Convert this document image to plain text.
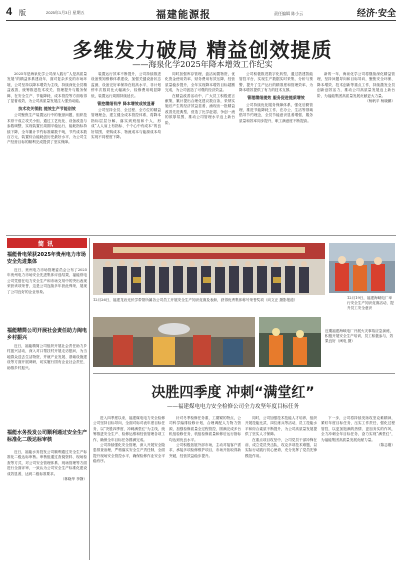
4 版	2025年1月3日 星期五	福建能源报	责任编辑 陈小云	经济·安全
多维发力破局 精益创效提质
——海泉化学2025年降本增效工作纪实

2025年是海泉化学公司深入践行“人是高质量发展”的精益体系建设年，面对复杂多变的市场环境，公司坚持以降本增效为主线，持续深化全员精益改善，统筹推进技术攻关、管理提升与服务保障，在安全生产、节能降耗、成本管控等方面取得了显著成效，为公司高质量发展注入强劲动能。

技术攻关领航 提效生产节能创效

公司聚焦生产装置运行中的瓶颈问题，组织技术骨干成立攻关小组，通过工艺优化、设备改造与参数调整，实现装置长周期平稳运行，能耗指标持续下降，全年累计节约标准煤数千吨，节约成本数百万元，装置综合能耗创历史最好水平，为公司生产经营目标的顺利完成提供了坚实保障。

装置运行效率不断提升，公司持续推进设备预知维修体系建设，加强关键设备状态监测，设备完好率保持在较高水平，非计划停车次数同比大幅减少，检修费用明显降低，装置运行周期持续延长。

管控精细有序 降本增效成效显著

公司坚持全员、全过程、全方位的精益管理理念，建立健全成本管控体系，将降本指标层层分解，落实到班组和个人，形成“人人肩上有指标、个个心中有成本”的良好氛围，采购成本、物流成本与能源成本均实现不同程度下降。

同时加强库存管理，盘活闲置物资，优化资金使用效率，财务费用有效压降，经营质量稳步提升，全年实现降本增效目标超额完成，为公司创造了可观的经济效益。

在精益改善活动中，广大员工积极建言献策，累计提出合理化建议数百条，采纳实施后产生的经济效益显著，涌现出一批精益改善先进典型，营造了比学赶超、争创一流的浓厚氛围，推动公司管理水平迈上新台阶。

公司积极推进数字化转型，通过搭建智能管控平台，实现生产数据实时采集、分析与预警，提升了生产运行的精准度和管理效率，为降本增效提供了有力的技术支撑。

管理精细提效 服务促进提质增效

公司持续优化服务保障体系，强化后勤管理，推进节能降耗工作，在办公、生活等领域倡导节约理念，全员节能意识显著增强，服务质量和效率同步提升，职工满意度不断提高。

新的一年，海泉化学公司将继续深化精益管理，坚持问题导向和目标导向，聚焦安全环保、降本增效、技术创新等重点工作，持续激发全员创新创效活力，推动公司高质量发展迈上新台阶，为福能集团高质量发展贡献更大力量。

（杨帆平 杨晓鹏）

简讯
福能骨电荣获2025年贵州电力市场安全先进集体

近日，贵州电力市场管理委员会公布了2025年贵州电力市场安全先进集体评选结果，福能骨电公司凭借在电力安全生产和市场交易中的突出表现荣获该项荣誉，这是公司连续多年获此殊荣，展现了公司良好的企业形象。

福能精简公司开展社会责任助力闽电乡村振兴

近日，福能精简公司组织开展社会责任助力乡村振兴活动，深入对口帮扶村开展走访慰问，为当地群众送去生活物资，并就产业发展、基础设施建设等方面开展调研，切实履行国有企业社会责任，助推乡村振兴。

福能水务投发公司顺利通过安全生产标准化二级达标审核

近日，福能水务投发公司顺利通过安全生产标准化二级达标审核。审核组通过查阅资料、现场检查等方式，对公司安全管理体系、现场管理等方面进行全面评审，一致认为公司安全生产标准化建设成效显著，达到二级标准要求。

（林晓华 李静）

12月26日，福建龙岩光伏学带领所属各公司员工开展安全生产知识竞赛及表彰，获得优秀集体称号荣誉奖项（向文正 摄影报道）	12月19日，福建海峡电厂举行安全生产知识竞赛活动，提升员工安全意识
近期福建海峡电厂开展火灾事故应急演练，积极开展安全生产培训，员工积极参与，效果良好（闽电 摄）
决胜四季度 冲刺“满堂红”
——福建煤电电力安全检修公司全力攻坚年度目标任务

进入四季度以来，福建煤电电力安全检修公司坚持目标导向，全面对标对表年度目标任务，以“决胜四季度、冲刺满堂红”为主线，统筹推进安全生产、检修运维和经营管理各项工作，确保全年目标任务圆满完成。

公司持续强化安全管理，深入开展安全隐患排查治理，严格落实安全生产责任制，全面提升现场安全管控水平，确保检修作业安全平稳有序。

针对冬季检修任务重、工期紧的特点，公司科学编排检修计划，合理调配人力物力资源，加强检修质量全过程管控，圆满完成多台机组检修任务，机组检修质量和修后运行指标均达到优良水平。

公司积极拓展外部市场，主动对接客户需求，承接多项检修维护项目，市场开拓取得新突破，经营效益稳步提升。

同时，公司加强技术技能人才培养，组织开展技能比武、岗位练兵等活动，员工技能水平和综合素质不断提升，为公司高质量发展提供了坚实人才保障。

在重点项目攻坚中，公司党员干部冲锋在前，成立党员突击队，攻克多项技术难题，以实际行动践行初心使命，充分发挥了党员先锋模范作用。

下一步，公司将持续发扬攻坚克难精神，紧盯年度目标任务，压实工作责任，强化过程管控，以更加饱满的热情、更加务实的作风，全力冲刺全年目标任务，奋力实现“满堂红”，为福能集团高质量发展贡献力量。

（陈志刚）
